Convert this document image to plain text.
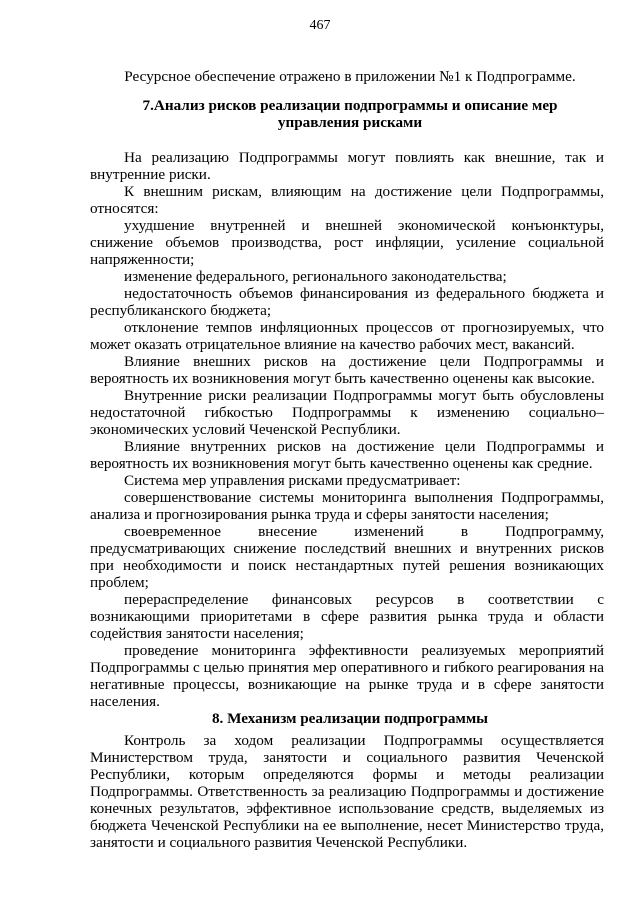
467
Ресурсное обеспечение отражено в приложении №1 к Подпрограмме.
7.Анализ рисков реализации подпрограммы и описание мер
управления рисками

На реализацию Подпрограммы могут повлиять как внешние, так и внутренние риски.

К внешним рискам, влияющим на достижение цели Подпрограммы, относятся:

ухудшение внутренней и внешней экономической конъюнктуры, снижение объемов производства, рост инфляции, усиление социальной напряженности;

изменение федерального, регионального законодательства;

недостаточность объемов финансирования из федерального бюджета и республиканского бюджета;

отклонение темпов инфляционных процессов от прогнозируемых, что может оказать отрицательное влияние на качество рабочих мест, вакансий.

Влияние внешних рисков на достижение цели Подпрограммы и вероятность их возникновения могут быть качественно оценены как высокие.

Внутренние риски реализации Подпрограммы могут быть обусловлены недостаточной гибкостью Подпрограммы к изменению социально–экономических условий Чеченской Республики.

Влияние внутренних рисков на достижение цели Подпрограммы и вероятность их возникновения могут быть качественно оценены как средние.

Система мер управления рисками предусматривает:

совершенствование системы мониторинга выполнения Подпрограммы, анализа и прогнозирования рынка труда и сферы занятости населения;

своевременное внесение изменений в Подпрограмму, предусматривающих снижение последствий внешних и внутренних рисков при необходимости и поиск нестандартных путей решения возникающих проблем;

перераспределение финансовых ресурсов в соответствии с возникающими приоритетами в сфере развития рынка труда и области содействия занятости населения;

проведение мониторинга эффективности реализуемых мероприятий Подпрограммы с целью принятия мер оперативного и гибкого реагирования на негативные процессы, возникающие на рынке труда и в сфере занятости населения.

8. Механизм реализации подпрограммы

Контроль за ходом реализации Подпрограммы осуществляется Министерством труда, занятости и социального развития Чеченской Республики, которым определяются формы и методы реализации Подпрограммы. Ответственность за реализацию Подпрограммы и достижение конечных результатов, эффективное использование средств, выделяемых из бюджета Чеченской Республики на ее выполнение, несет Министерство труда, занятости и социального развития Чеченской Республики.
